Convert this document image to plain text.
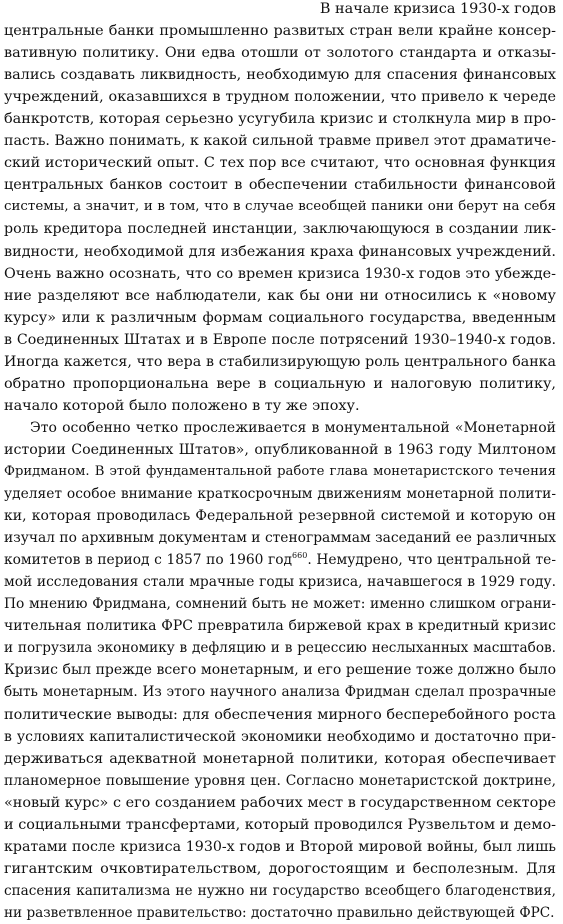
В начале кризиса 1930-х годов
центральные банки промышленно развитых стран вели крайне консер-
вативную политику. Они едва отошли от золотого стандарта и отказы-
вались создавать ликвидность, необходимую для спасения финансовых
учреждений, оказавшихся в трудном положении, что привело к череде
банкротств, которая серьезно усугубила кризис и столкнула мир в про-
пасть. Важно понимать, к какой сильной травме привел этот драматиче-
ский исторический опыт. С тех пор все считают, что основная функция
центральных банков состоит в обеспечении стабильности финансовой
системы, а значит, и в том, что в случае всеобщей паники они берут на себя
роль кредитора последней инстанции, заключающуюся в создании лик-
видности, необходимой для избежания краха финансовых учреждений.
Очень важно осознать, что со времен кризиса 1930-х годов это убежде-
ние разделяют все наблюдатели, как бы они ни относились к «новому
курсу» или к различным формам социального государства, введенным
в Соединенных Штатах и в Европе после потрясений 1930–1940-х годов.
Иногда кажется, что вера в стабилизирующую роль центрального банка
обратно пропорциональна вере в социальную и налоговую политику,
начало которой было положено в ту же эпоху.
Это особенно четко прослеживается в монументальной «Монетарной
истории Соединенных Штатов», опубликованной в 1963 году Милтоном
Фридманом. В этой фундаментальной работе глава монетаристского течения
уделяет особое внимание краткосрочным движениям монетарной полити-
ки, которая проводилась Федеральной резервной системой и которую он
изучал по архивным документам и стенограммам заседаний ее различных
комитетов в период с 1857 по 1960 год$^{660}$. Немудрено, что центральной те-
мой исследования стали мрачные годы кризиса, начавшегося в 1929 году.
По мнению Фридмана, сомнений быть не может: именно слишком ограни-
чительная политика ФРС превратила биржевой крах в кредитный кризис
и погрузила экономику в дефляцию и в рецессию неслыханных масштабов.
Кризис был прежде всего монетарным, и его решение тоже должно было
быть монетарным. Из этого научного анализа Фридман сделал прозрачные
политические выводы: для обеспечения мирного бесперебойного роста
в условиях капиталистической экономики необходимо и достаточно при-
держиваться адекватной монетарной политики, которая обеспечивает
планомерное повышение уровня цен. Согласно монетаристской доктрине,
«новый курс» с его созданием рабочих мест в государственном секторе
и социальными трансфертами, который проводился Рузвельтом и демо-
кратами после кризиса 1930-х годов и Второй мировой войны, был лишь
гигантским очковтирательством, дорогостоящим и бесполезным. Для
спасения капитализма не нужно ни государство всеобщего благоденствия,
ни разветвленное правительство: достаточно правильно действующей ФРС.
